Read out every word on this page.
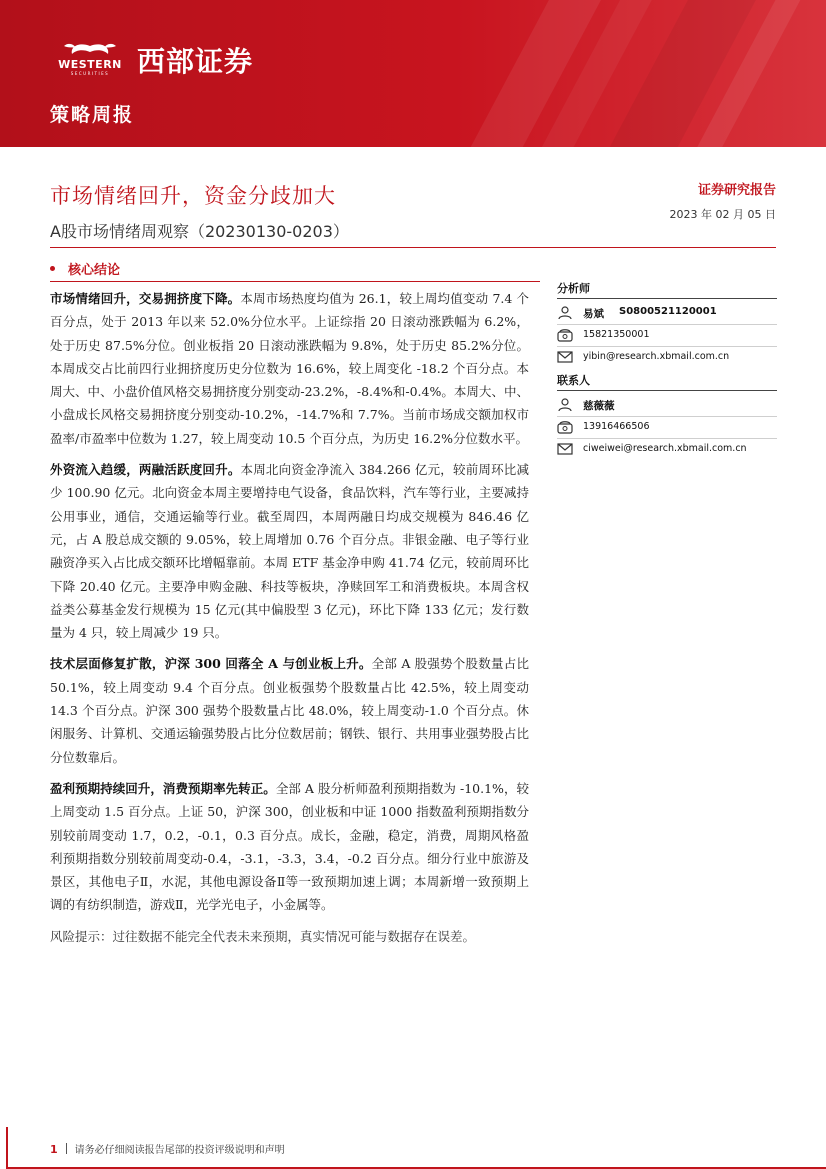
WESTERN
SECURITIES 西部证券
策略周报
市场情绪回升，资金分歧加大
A股市场情绪周观察（20230130-0203）
证券研究报告
2023 年 02 月 05 日
核心结论

市场情绪回升，交易拥挤度下降。本周市场热度均值为 26.1，较上周均值变动 7.4 个百分点，处于 2013 年以来 52.0%分位水平。上证综指 20 日滚动涨跌幅为 6.2%，处于历史 87.5%分位。创业板指 20 日滚动涨跌幅为 9.8%，处于历史 85.2%分位。本周成交占比前四行业拥挤度历史分位数为 16.6%，较上周变化 -18.2 个百分点。本周大、中、小盘价值风格交易拥挤度分别变动-23.2%，-8.4%和-0.4%。本周大、中、小盘成长风格交易拥挤度分别变动-10.2%，-14.7%和 7.7%。当前市场成交额加权市盈率/市盈率中位数为 1.27，较上周变动 10.5 个百分点，为历史 16.2%分位数水平。

外资流入趋缓，两融活跃度回升。本周北向资金净流入 384.266 亿元，较前周环比减少 100.90 亿元。北向资金本周主要增持电气设备，食品饮料，汽车等行业，主要减持公用事业，通信，交通运输等行业。截至周四，本周两融日均成交规模为 846.46 亿元，占 A 股总成交额的 9.05%，较上周增加 0.76 个百分点。非银金融、电子等行业融资净买入占比成交额环比增幅靠前。本周 ETF 基金净申购 41.74 亿元，较前周环比下降 20.40 亿元。主要净申购金融、科技等板块，净赎回军工和消费板块。本周含权益类公募基金发行规模为 15 亿元(其中偏股型 3 亿元)，环比下降 133 亿元；发行数量为 4 只，较上周减少 19 只。

技术层面修复扩散，沪深 300 回落全 A 与创业板上升。全部 A 股强势个股数量占比 50.1%，较上周变动 9.4 个百分点。创业板强势个股数量占比 42.5%，较上周变动 14.3 个百分点。沪深 300 强势个股数量占比 48.0%，较上周变动-1.0 个百分点。休闲服务、计算机、交通运输强势股占比分位数居前；钢铁、银行、共用事业强势股占比分位数靠后。

盈利预期持续回升，消费预期率先转正。全部 A 股分析师盈利预期指数为 -10.1%，较上周变动 1.5 百分点。上证 50，沪深 300，创业板和中证 1000 指数盈利预期指数分别较前周变动 1.7，0.2，-0.1，0.3 百分点。成长，金融，稳定，消费，周期风格盈利预期指数分别较前周变动-0.4，-3.1，-3.3，3.4，-0.2 百分点。细分行业中旅游及景区，其他电子Ⅱ，水泥，其他电源设备Ⅱ等一致预期加速上调；本周新增一致预期上调的有纺织制造，游戏Ⅱ，光学光电子，小金属等。

风险提示：过往数据不能完全代表未来预期，真实情况可能与数据存在误差。

分析师
易斌 S0800521120001
15821350001
yibin@research.xbmail.com.cn
联系人
慈薇薇
13916466506
ciweiwei@research.xbmail.com.cn
1 请务必仔细阅读报告尾部的投资评级说明和声明
